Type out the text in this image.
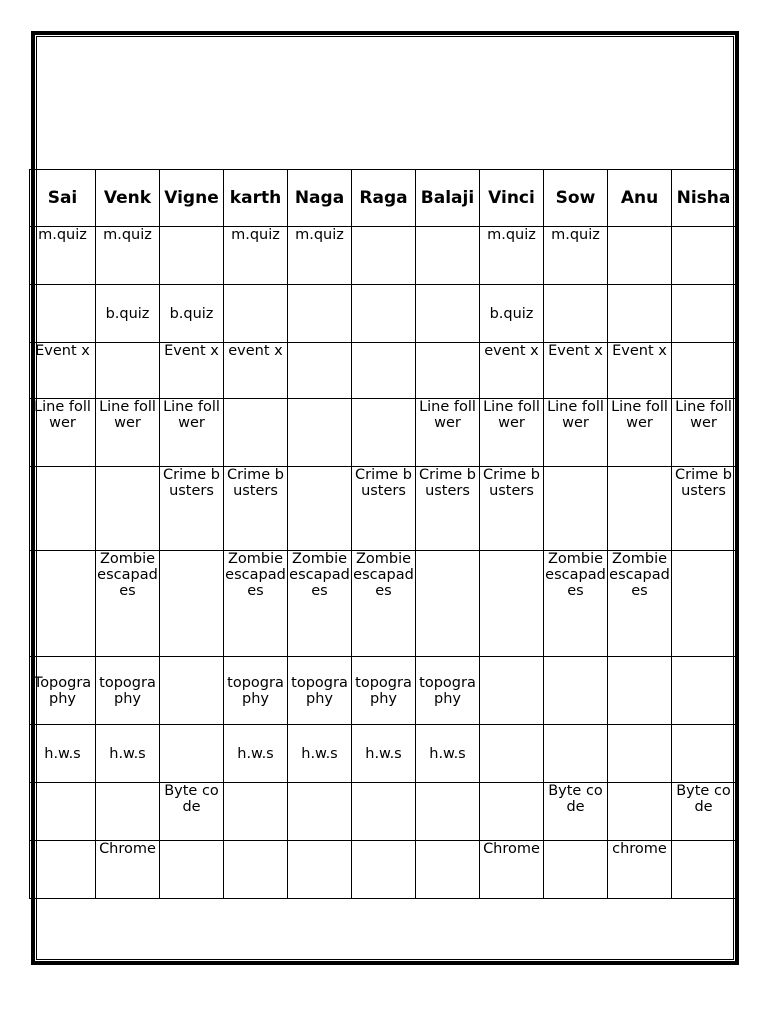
Sai	Venk	Vigne	karth	Naga	Raga	Balaji	Vinci	Sow	Anu	Nisha
m.quiz	m.quiz		m.quiz	m.quiz			m.quiz	m.quiz		
	b.quiz	b.quiz					b.quiz			
Event x		Event x	event x				event x	Event x	Event x	
Line follwer	Line follwer	Line follwer				Line follwer	Line follwer	Line follwer	Line follwer	Line follwer
		Crime busters	Crime busters		Crime busters	Crime busters	Crime busters			Crime busters
	Zombie escapades		Zombie escapades	Zombie escapades	Zombie escapades			Zombie escapades	Zombie escapades	
Topography	topography		topography	topography	topography	topography				
h.w.s	h.w.s		h.w.s	h.w.s	h.w.s	h.w.s				
		Byte code						Byte code		Byte code
	Chrome						Chrome		chrome	
